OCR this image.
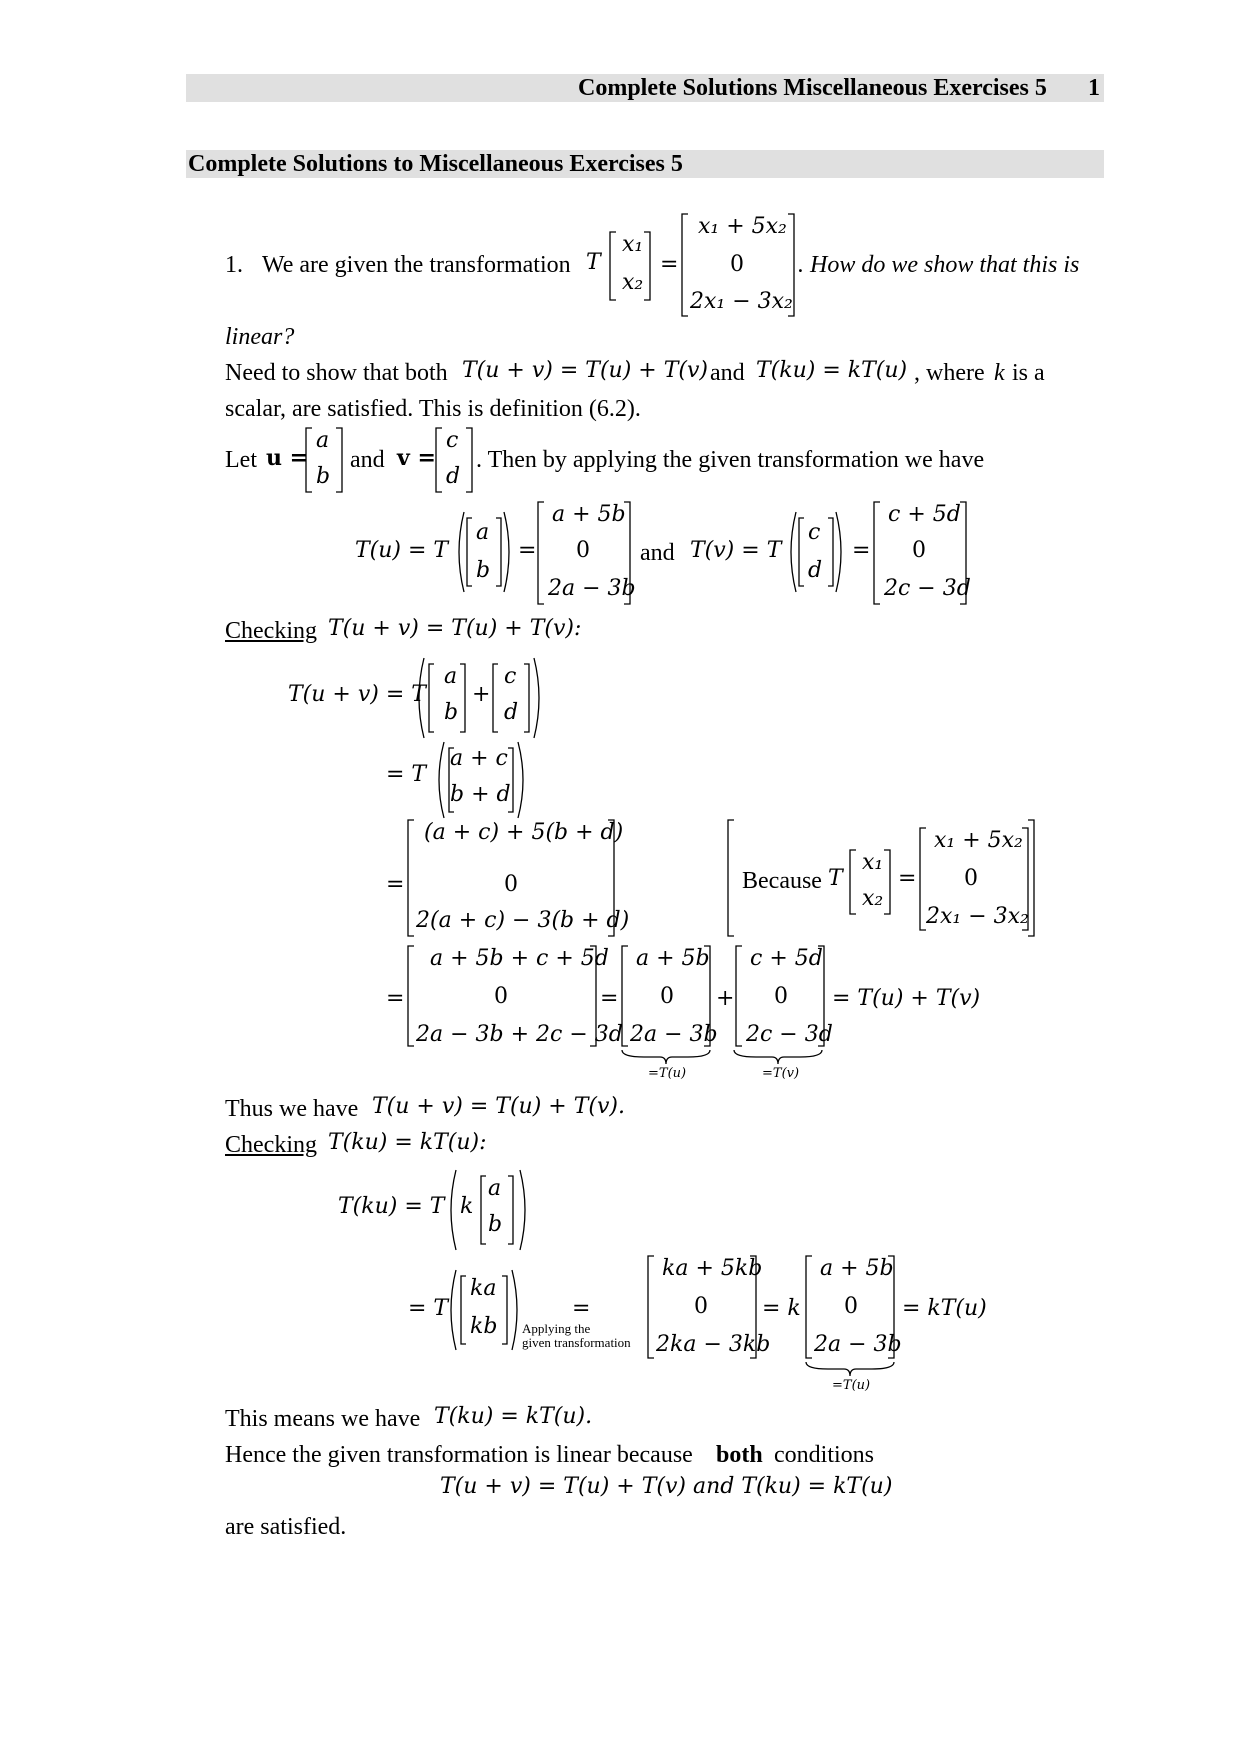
Complete Solutions Miscellaneous Exercises 5 1
Complete Solutions to Miscellaneous Exercises 5
1. We are given the transformation T
x₁
x₂
=
x₁ + 5x₂
0
2x₁ − 3x₂
. How do we show that this is
linear?
Need to show that both T(u + v) = T(u) + T(v) and T(ku) = kT(u) , where k is a
scalar, are satisfied. This is definition (6.2).
Let u =
a
b
and v =
c
d
. Then by applying the given transformation we have
T(u) = T
a
b
=
a + 5b
0
2a − 3b
and T(v) = T
c
d
=
c + 5d
0
2c − 3d
Checking T(u + v) = T(u) + T(v):
T(u + v) = T
a
b
+
c
d
= T
a + c
b + d
=
(a + c) + 5(b + d)
0
2(a + c) − 3(b + d)
Because T
x₁
x₂
=
x₁ + 5x₂
0
2x₁ − 3x₂
=
a + 5b + c + 5d
0
2a − 3b + 2c − 3d
=
a + 5b
0
2a − 3b
+
c + 5d
0
2c − 3d
= T(u) + T(v)
=T(u)	=T(v)
Thus we have T(u + v) = T(u) + T(v).
Checking T(ku) = kT(u):
T(ku) = T k
a
b
= T
ka
kb
=
Applying the
given transformation
ka + 5kb
0
2ka − 3kb
= k
a + 5b
0
2a − 3b
= kT(u)
=T(u)
This means we have T(ku) = kT(u).
Hence the given transformation is linear because both conditions
T(u + v) = T(u) + T(v) and T(ku) = kT(u)
are satisfied.
